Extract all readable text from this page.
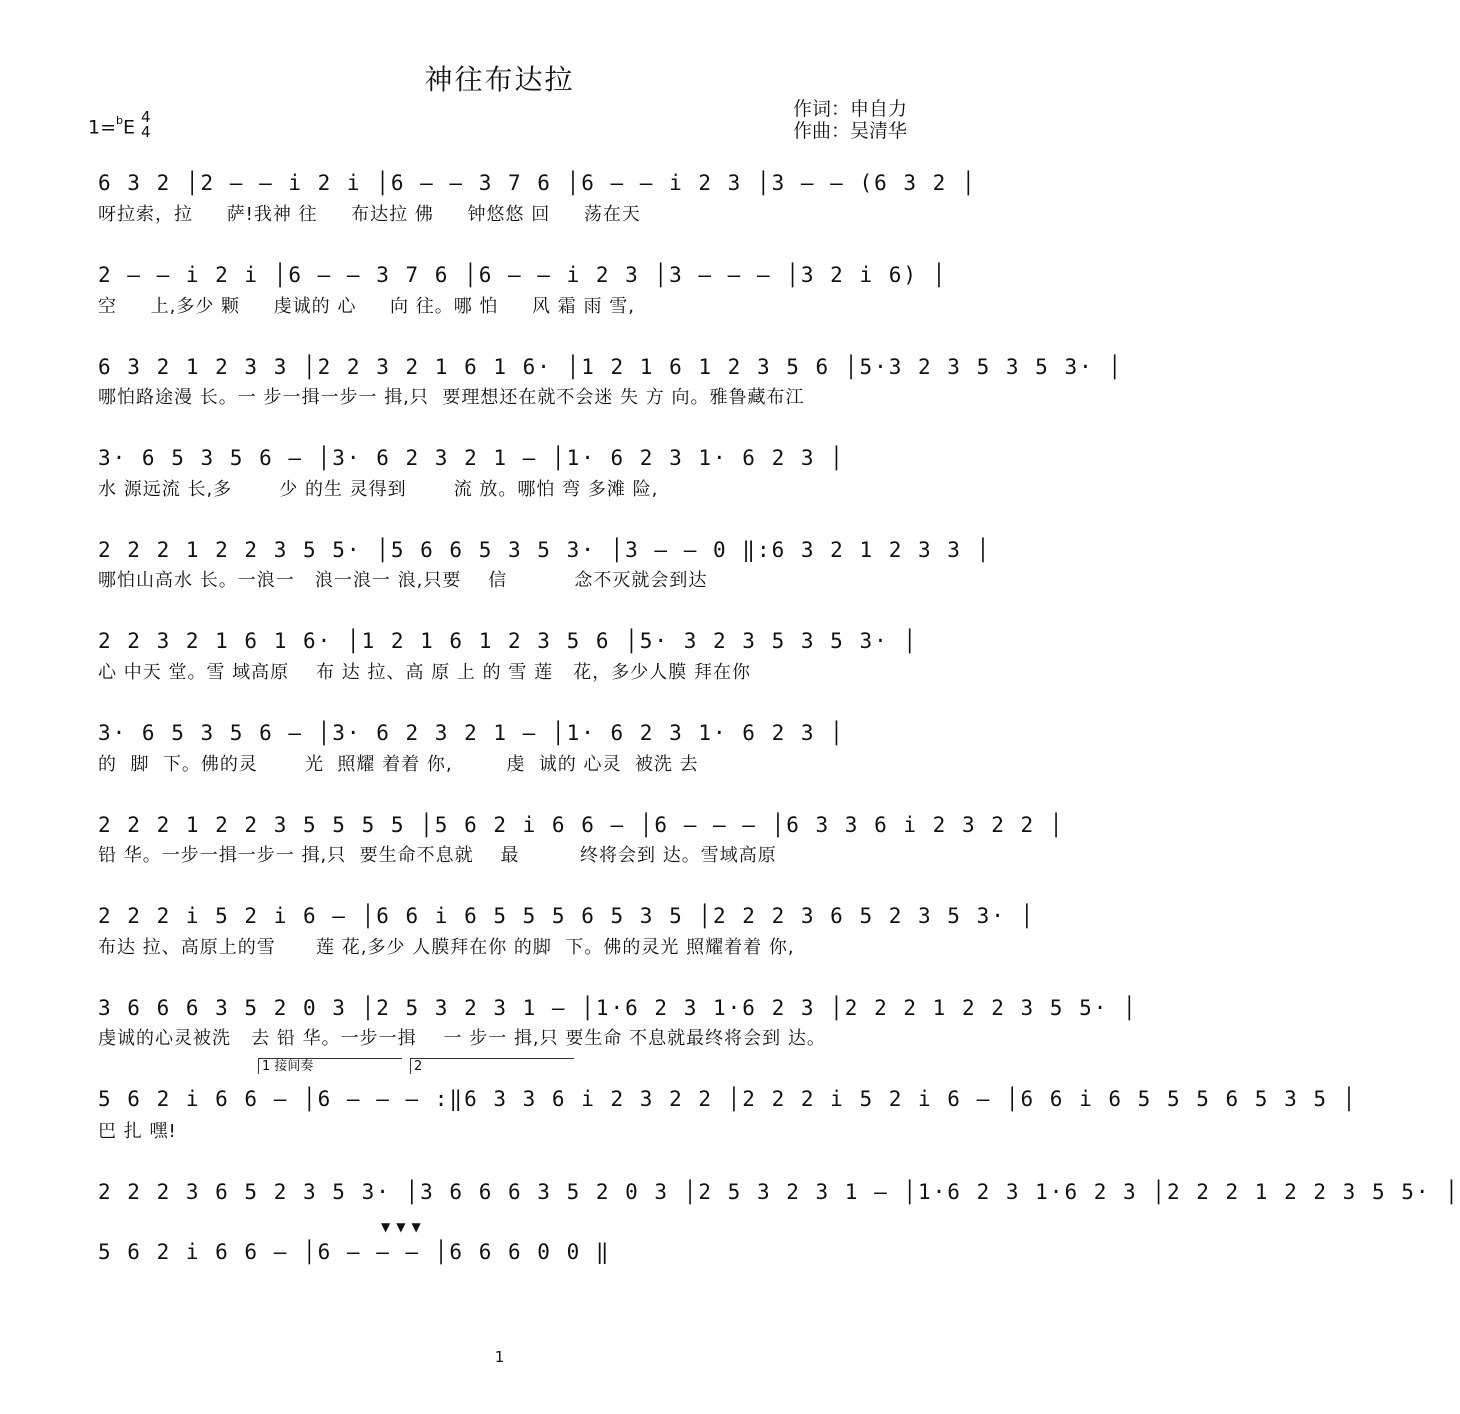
神往布达拉
作词：申自力
作曲：吴清华
1=$^b$E 4
4
6 3 2 │2 — — i 2 i │6 — — 3 7 6 │6 — — i 2 3 │3 — — (6 3 2 │
呀拉索，拉     萨!我神 往     布达拉 佛     钟悠悠 回     荡在天
2 — — i 2 i │6 — — 3 7 6 │6 — — i 2 3 │3 — — — │3 2 i 6) │
空     上,多少 颗     虔诚的 心     向 往。哪 怕     风 霜 雨 雪,
6 3 2 1 2 3 3 │2 2 3 2 1 6 1 6· │1 2 1 6 1 2 3 5 6 │5·3 2 3 5 3 5 3· │
哪怕路途漫 长。一 步一揖一步一 揖,只  要理想还在就不会迷 失 方 向。雅鲁藏布江
3· 6 5 3 5 6 — │3· 6 2 3 2 1 — │1· 6 2 3 1· 6 2 3 │
水 源远流 长,多       少 的生 灵得到       流 放。哪怕 弯 多滩 险,
2 2 2 1 2 2 3 5 5· │5 6 6 5 3 5 3· │3 — — 0 ‖:6 3 2 1 2 3 3 │
哪怕山高水 长。一浪一   浪一浪一 浪,只要    信          念不灭就会到达
2 2 3 2 1 6 1 6· │1 2 1 6 1 2 3 5 6 │5· 3 2 3 5 3 5 3· │
心 中天 堂。雪 域高原    布 达 拉、高 原 上 的 雪 莲   花，多少人膜 拜在你
3· 6 5 3 5 6 — │3· 6 2 3 2 1 — │1· 6 2 3 1· 6 2 3 │
的  脚  下。佛的灵       光  照耀 着着 你,        虔  诚的 心灵  被洗 去
2 2 2 1 2 2 3 5 5 5 5 │5 6 2 i 6 6 — │6 — — — │6 3 3 6 i 2 3 2 2 │
铅 华。一步一揖一步一 揖,只  要生命不息就    最         终将会到 达。雪域高原
2 2 2 i 5 2 i 6 — │6 6 i 6 5 5 5 6 5 3 5 │2 2 2 3 6 5 2 3 5 3· │
布达 拉、高原上的雪      莲 花,多少 人膜拜在你 的脚  下。佛的灵光 照耀着着 你,
3 6 6 6 3 5 2 0 3 │2 5 3 2 3 1 — │1·6 2 3 1·6 2 3 │2 2 2 1 2 2 3 5 5· │
虔诚的心灵被洗   去 铅 华。一步一揖    一 步一 揖,只 要生命 不息就最终将会到 达。
1 接间奏	2
5 6 2 i 6 6 — │6 — — — :‖6 3 3 6 i 2 3 2 2 │2 2 2 i 5 2 i 6 — │6 6 i 6 5 5 5 6 5 3 5 │
巴 扎 嘿!
2 2 2 3 6 5 2 3 5 3· │3 6 6 6 3 5 2 0 3 │2 5 3 2 3 1 — │1·6 2 3 1·6 2 3 │2 2 2 1 2 2 3 5 5· │
▼▼▼
5 6 2 i 6 6 — │6 — — — │6 6 6 0 0 ‖
1
